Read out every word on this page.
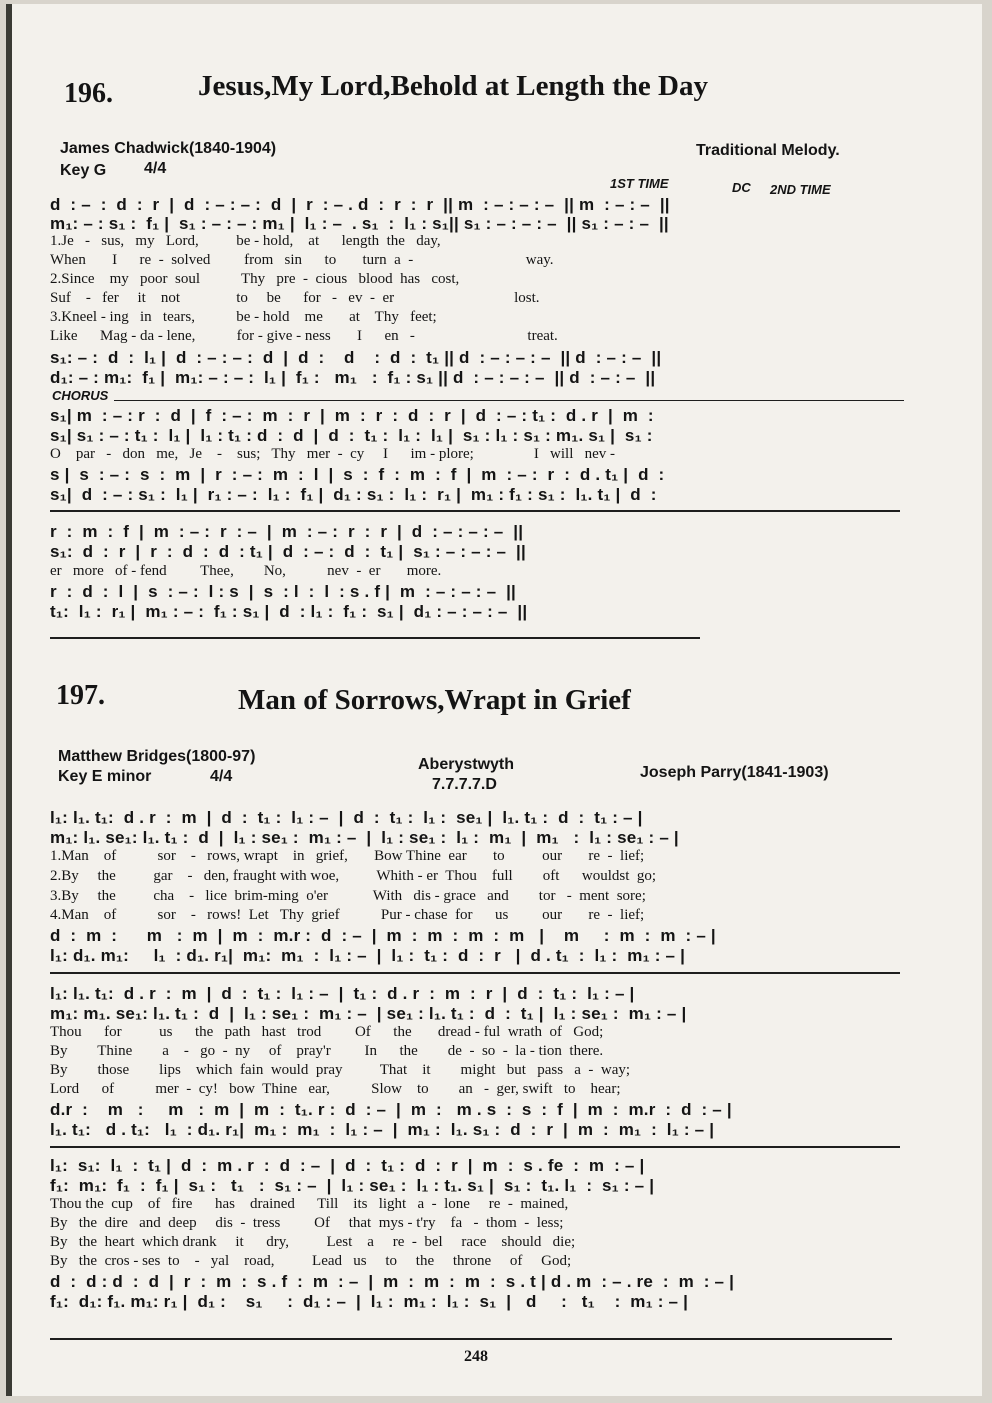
196.	Jesus,My Lord,Behold at Length the Day
James Chadwick(1840-1904)	Traditional Melody.
Key G 4/4
1ST TIME	DC 2ND TIME
d  : –  :  d  :  r  |  d  : – : – :  d  |  r  : – . d  :  r  :  r  || m  : – : – : –  || m  : – : –  ||
m₁: – : s₁ :  f₁ |  s₁ : – : – : m₁ |  l₁ : –  . s₁  :  l₁ : s₁|| s₁ : – : – : –  || s₁ : – : –  ||
1.Je   -   sus,   my   Lord,          be - hold,    at      length  the   day,
When       I      re  -  solved         from   sin      to       turn  a  -                              way.
2.Since    my   poor  soul           Thy   pre  -  cious   blood  has   cost,
Suf    -   fer     it    not               to     be      for   -   ev  -  er                                lost.
3.Kneel - ing   in   tears,           be - hold    me       at    Thy   feet;
Like      Mag - da - lene,           for - give - ness       I      en   -                              treat.
s₁: – :  d  :  l₁ |  d  : – : – :  d  |  d  :    d    :  d  :  t₁ || d  : – : – : –  || d  : – : –  ||
d₁: – : m₁:  f₁ |  m₁: – : – :  l₁ |  f₁ :   m₁   :  f₁ : s₁ || d  : – : – : –  || d  : – : –  ||
CHORUS
s₁| m  : – : r  :  d  |  f  : – :  m  :  r  |  m  :  r  :  d  :  r  |  d  : – : t₁ :  d . r  |  m  :
s₁| s₁ : – : t₁ :  l₁ |  l₁ : t₁ : d  :  d  |  d  :  t₁ :  l₁ :  l₁ |  s₁ : l₁ : s₁ : m₁. s₁ |  s₁ :
O    par   -   don   me,   Je    -    sus;   Thy   mer  -  cy     I      im - plore;                I   will   nev -
s |  s  : – :  s  :  m  |  r  : – :  m  :  l  |  s  :  f  :  m  :  f  |  m  : – :  r  :  d . t₁ |  d  :
s₁|  d  : – : s₁ :  l₁ |  r₁ : – :  l₁ :  f₁ |  d₁ : s₁ :  l₁ :  r₁ |  m₁ : f₁ : s₁ :  l₁. t₁ |  d  :
r  :  m  :  f  |  m  : – :  r  : –  |  m  : – :  r  :  r  |  d  : – : – : –  ||
s₁:  d  :  r  |  r  :  d  :  d  : t₁ |  d  : – :  d  :  t₁ |  s₁ : – : – : –  ||
er   more   of - fend         Thee,        No,           nev  -  er       more.
r  :  d  :  l  |  s  : – :  l : s  |  s  : l  :  l  : s . f |  m  : – : – : –  ||
t₁:  l₁ :  r₁ |  m₁ : – :  f₁ : s₁ |  d  : l₁ :  f₁ :  s₁ |  d₁ : – : – : –  ||
197.	Man of Sorrows,Wrapt in Grief
Matthew Bridges(1800-97)
Key E minor	4/4
Aberystwyth
7.7.7.7.D
Joseph Parry(1841-1903)
l₁: l₁. t₁:  d . r  :  m  |  d  :  t₁ :  l₁ : –  |  d  :  t₁ :  l₁ :  se₁ |  l₁. t₁ :  d  :  t₁ : – |
m₁: l₁. se₁: l₁. t₁ :  d  |  l₁ : se₁ :  m₁ : –  |  l₁ : se₁ :  l₁ :  m₁  |  m₁   :  l₁ : se₁ : – |
1.Man    of           sor    -   rows, wrapt    in   grief,       Bow Thine  ear       to          our       re  -  lief;
2.By     the          gar    -   den, fraught with woe,          Whith - er  Thou    full        oft      wouldst  go;
3.By     the          cha    -   lice  brim-ming  o'er            With   dis - grace   and        tor   -  ment  sore;
4.Man    of           sor    -   rows!  Let   Thy  grief           Pur - chase  for      us         our       re  -  lief;
d  :  m  :      m   :  m  |  m  :  m.r :  d  : –  |  m  :  m  :  m  :  m   |    m     :  m  :  m  : – |
l₁: d₁. m₁:     l₁  : d₁. r₁|  m₁:  m₁  :  l₁ : –  |  l₁ :  t₁ :  d  :  r   |  d . t₁  :  l₁ :  m₁ : – |
l₁: l₁. t₁:  d . r  :  m  |  d  :  t₁ :  l₁ : –  |  t₁ :  d . r  :  m  :  r  |  d  :  t₁ :  l₁ : – |
m₁: m₁. se₁: l₁. t₁ :  d  |  l₁ : se₁ :  m₁ : –  | se₁ : l₁. t₁ :  d  :  t₁ |  l₁ : se₁ :  m₁ : – |
Thou      for          us      the   path   hast   trod         Of      the       dread - ful  wrath  of   God;
By        Thine        a    -   go  -  ny     of    pray'r         In      the        de  -  so  -  la - tion  there.
By        those        lips    which  fain  would  pray          That    it        might   but   pass   a  -  way;
Lord      of           mer  -  cy!   bow  Thine   ear,           Slow    to        an   -  ger, swift   to    hear;
d.r  :    m   :     m   :  m  |  m  :  t₁. r :  d  : –  |  m  :   m . s  :  s  :  f  |  m  :  m.r  :  d  : – |
l₁. t₁:   d . t₁:   l₁  : d₁. r₁|  m₁ :  m₁  :  l₁ : –  |  m₁ :  l₁. s₁ :  d  :  r  |  m  :  m₁  :  l₁ : – |
l₁:  s₁:  l₁  :  t₁ |  d  :  m . r  :  d  : –  |  d  :  t₁ :  d  :  r  |  m  :  s . fe  :  m  : – |
f₁:  m₁:  f₁  :  f₁ |  s₁ :   t₁   :  s₁ : –  |  l₁ : se₁ :  l₁ : t₁. s₁ |  s₁ :  t₁. l₁  :  s₁ : – |
Thou the  cup    of   fire      has    drained      Till    its   light   a  -  lone     re  -  mained,
By   the  dire   and  deep     dis  -  tress         Of     that  mys - t'ry    fa   -  thom  -  less;
By   the  heart  which drank     it      dry,          Lest    a     re  -  bel     race    should   die;
By   the  cros - ses  to    -   yal    road,          Lead   us     to     the     throne     of     God;
d  :  d : d  :  d  |  r  :  m  :  s . f  :  m  : –  |  m  :  m  :  m  :  s . t | d . m  : – . re  :  m  : – |
f₁:  d₁: f₁. m₁: r₁ |  d₁ :    s₁     :  d₁ : –  |  l₁ :  m₁ :  l₁ :  s₁  |   d     :   t₁    :  m₁ : – |
248
